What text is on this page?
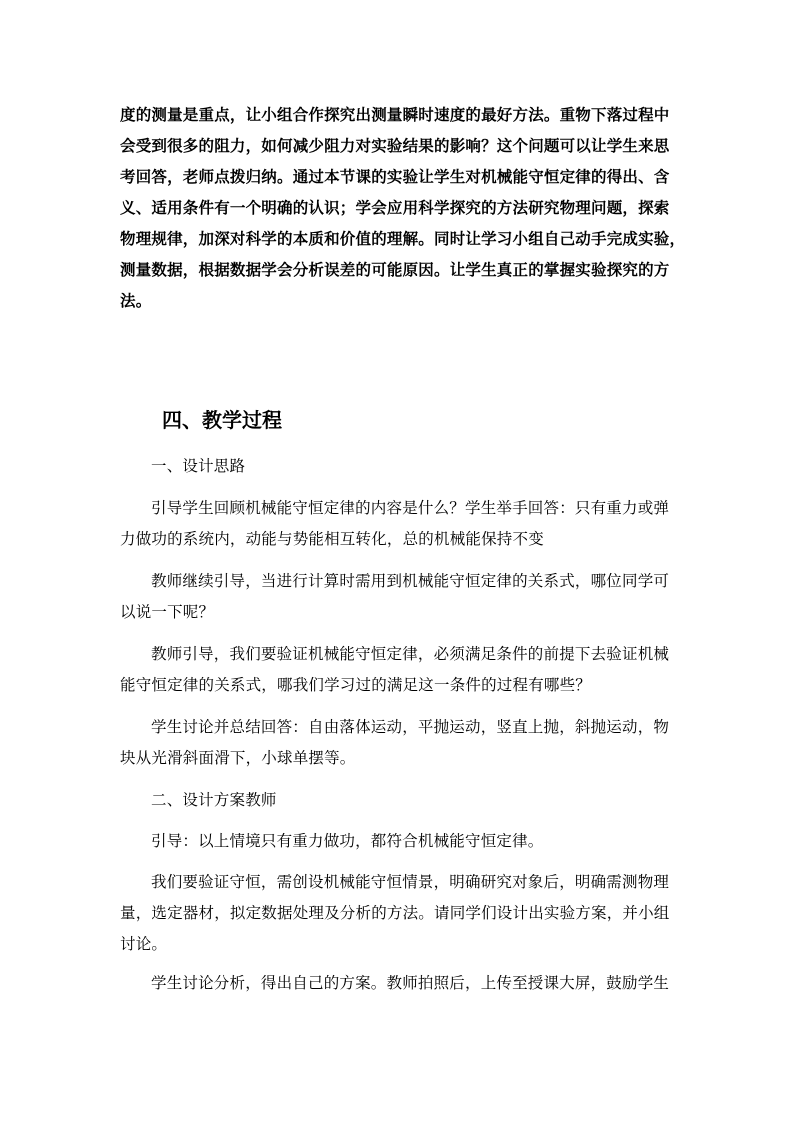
度的测量是重点，让小组合作探究出测量瞬时速度的最好方法。重物下落过程中
会受到很多的阻力，如何减少阻力对实验结果的影响？这个问题可以让学生来思
考回答，老师点拨归纳。通过本节课的实验让学生对机械能守恒定律的得出、含
义、适用条件有一个明确的认识；学会应用科学探究的方法研究物理问题，探索
物理规律，加深对科学的本质和价值的理解。同时让学习小组自己动手完成实验，
测量数据，根据数据学会分析误差的可能原因。让学生真正的掌握实验探究的方
法。
四、教学过程
一、设计思路
引导学生回顾机械能守恒定律的内容是什么？学生举手回答：只有重力或弹
力做功的系统内，动能与势能相互转化，总的机械能保持不变
教师继续引导，当进行计算时需用到机械能守恒定律的关系式，哪位同学可
以说一下呢？
教师引导，我们要验证机械能守恒定律，必须满足条件的前提下去验证机械
能守恒定律的关系式，哪我们学习过的满足这一条件的过程有哪些？
学生讨论并总结回答：自由落体运动，平抛运动，竖直上抛，斜抛运动，物
块从光滑斜面滑下，小球单摆等。
二、设计方案教师
引导：以上情境只有重力做功，都符合机械能守恒定律。
我们要验证守恒，需创设机械能守恒情景，明确研究对象后，明确需测物理
量，选定器材，拟定数据处理及分析的方法。请同学们设计出实验方案，并小组
讨论。
学生讨论分析，得出自己的方案。教师拍照后，上传至授课大屏，鼓励学生
